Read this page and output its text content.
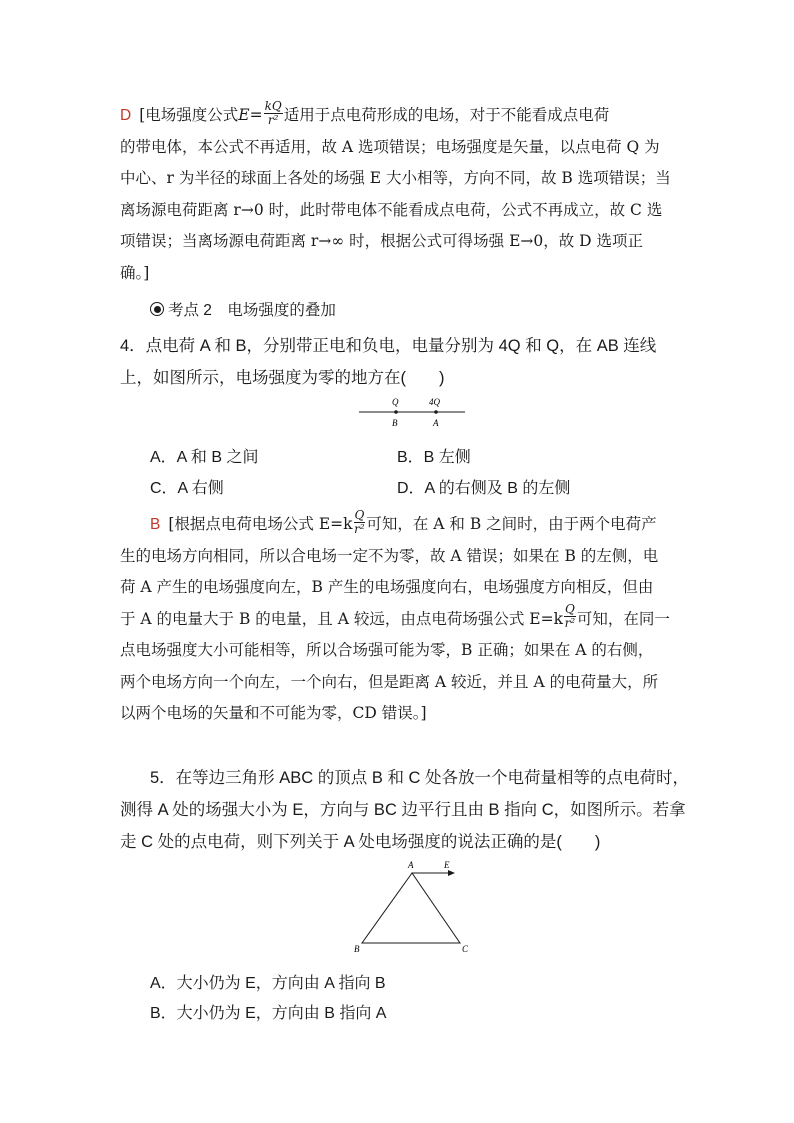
D [电场强度公式$E= \frac{kQ}{\text{r²}}$ 适用于点电荷形成的电场，对于不能看成点电荷
的带电体，本公式不再适用，故 A 选项错误；电场强度是矢量，以点电荷 Q 为
中心、r 为半径的球面上各处的场强 E 大小相等，方向不同，故 B 选项错误；当
离场源电荷距离 r→0 时，此时带电体不能看成点电荷，公式不再成立，故 C 选
项错误；当离场源电荷距离 r→∞ 时，根据公式可得场强 E→0，故 D 选项正
确。]
考点 2　电场强度的叠加
4．点电荷 A 和 B，分别带正电和负电，电量分别为 4Q 和 Q，在 AB 连线
上，如图所示，电场强度为零的地方在(　　)
Q	4Q
B	A
A．A 和 B 之间	B．B 左侧
C．A 右侧	D．A 的右侧及 B 的左侧
B [根据点电荷电场公式 $E=k \frac{Q}{\text{r²}}$ 可知，在 A 和 B 之间时，由于两个电荷产
生的电场方向相同，所以合电场一定不为零，故 A 错误；如果在 B 的左侧，电
荷 A 产生的电场强度向左，B 产生的电场强度向右，电场强度方向相反，但由
于 A 的电量大于 B 的电量，且 A 较远，由点电荷场强公式 $E=k \frac{Q}{\text{r²}}$ 可知，在同一
点电场强度大小可能相等，所以合场强可能为零，B 正确；如果在 A 的右侧，
两个电场方向一个向左，一个向右，但是距离 A 较近，并且 A 的电荷量大，所
以两个电场的矢量和不可能为零，CD 错误。]
5．在等边三角形 ABC 的顶点 B 和 C 处各放一个电荷量相等的点电荷时，
测得 A 处的场强大小为 E，方向与 BC 边平行且由 B 指向 C，如图所示。若拿
走 C 处的点电荷，则下列关于 A 处电场强度的说法正确的是(　　)
A	E
B	C
A．大小仍为 E，方向由 A 指向 B
B．大小仍为 E，方向由 B 指向 A
